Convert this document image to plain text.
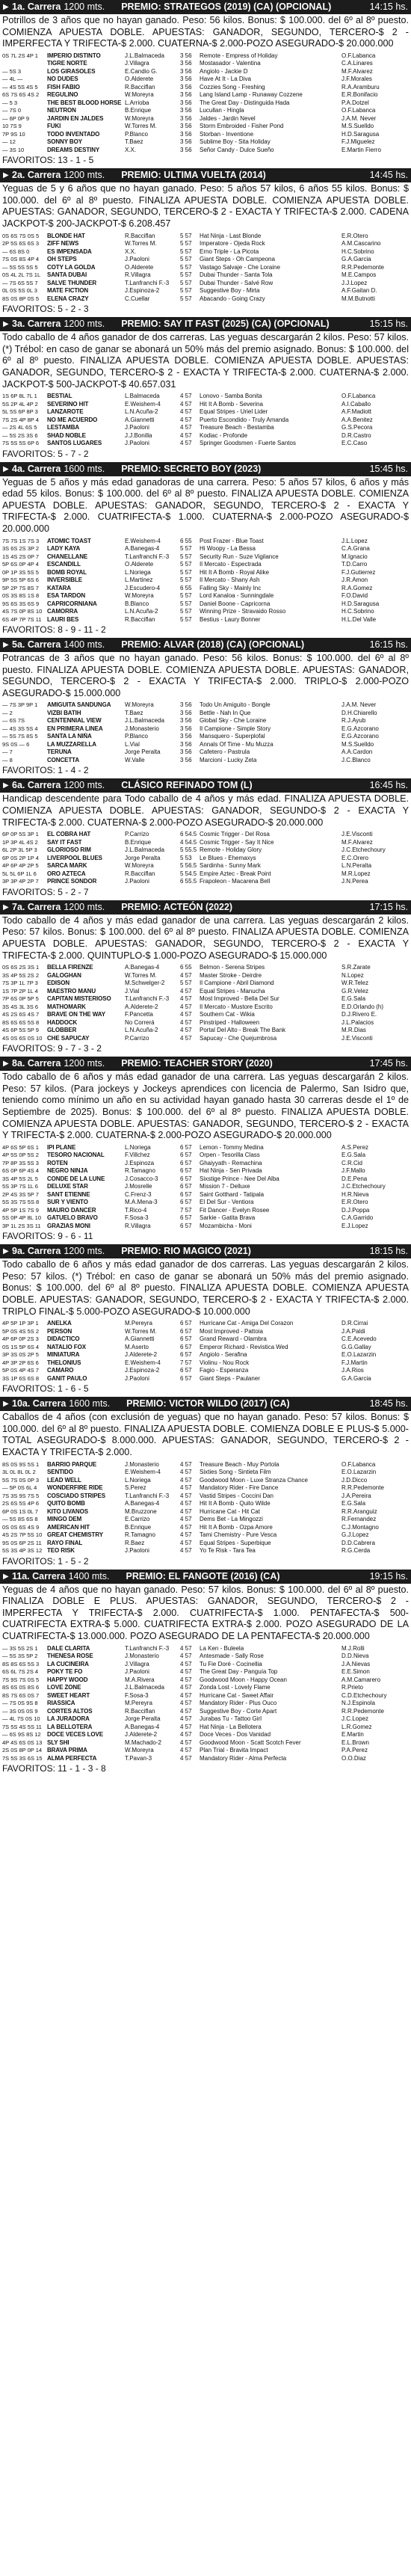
▶ 1a. Carrera 1200 mts. PREMIO: STRATEGOS (2019) (CA) (OPCIONAL)	14:15 hs.
Potrillos de 3 años que no hayan ganado. Peso: 56 kilos. Bonus: $ 100.000. del 6º al 8º puesto. COMIENZA APUESTA DOBLE. APUESTAS: GANADOR, SEGUNDO, TERCERO-$ 2 - IMPERFECTA Y TRIFECTA-$ 2.000. CUATERNA-$ 2.000-POZO ASEGURADO-$ 20.000.000
0S 7L 2S 4P 1	IMPERIO DISTINTO	J.L.Balmaceda	3 56	Remote - Empress of Holiday	O.F.Labanca
TIGRE NORTE	J.Villagra	3 56	Mostasador - Valentina	C.A.Linares
— 5S 3	LOS GIRASOLES	E.Candio G.	3 56	Angiolo - Jackie D	M.F.Alvarez
— 4L —	NO DUDES	O.Alderete	3 56	Have At It - La Diva	J.F.Morales
— 4S 5S 4S 5	FISH FABIO	R.Bacciflan	3 56	Cozzies Song - Freshing	R.A.Aramburu
6S 7S 6S 4S 2	REGULINO	W.Moreyra	3 56	Lang Island Lamp - Runaway Cozzene	E.R.Bonifacio
— 5 3	THE BEST BLOOD HORSE L.Arrioba	3 56	The Great Day - Distinguida Hada	P.A.Dotzel
— 7S 0	NEUTRON	B.Enrique	3 56	Lucullan - Hingla	O.F.Labanca
— 6P 0P 9	JARDIN EN JALDES	W.Moreyra	3 56	Jaldes - Jardin Nevel	J.A.M. Never
10 7S 9	FUKI	W.Torres M.	3 56	Storm Embroided - Fisher Pond	M.S.Suelldo
7P 9S 10	TODO INVENTADO	P.Blanco	3 56	Storban - Inventione	H.D.Saragusa
— 12	SONNY BOY	T.Baez	3 56	Sublime Boy - Sita Holiday	F.J.Miguelez
— 3S 10	DREAMS DESTINY	X.X.	3 56	Señor Candy - Dulce Sueño	E.Martin Fierro
FAVORITOS: 13 - 1 - 5
▶ 2a. Carrera 1200 mts. PREMIO: ULTIMA VUELTA (2014)	14:45 hs.
Yeguas de 5 y 6 años que no hayan ganado. Peso: 5 años 57 kilos, 6 años 55 kilos. Bonus: $ 100.000. del 6º al 8º puesto. FINALIZA APUESTA DOBLE. COMIENZA APUESTA DOBLE. APUESTAS: GANADOR, SEGUNDO, TERCERO-$ 2 - EXACTA Y TRIFECTA-$ 2.000. CADENA JACKPOT-$ 200-JACKPOT-$ 6.208.457
0S 6S 7S 0S 5	BLONDE HAT	R.Bacciflan	5 57	Hat Ninja - Last Blonde	E.R.Otero
2P 5S 6S 6S 3	ZIFF NEWS	W.Torres M.	5 57	Imperatore - Ojeda Rock	A.M.Cascarino
— 6S 8S 0	ES IMPENSADA	X.X.	5 57	Erno Triple - La Picota	H.C.Sobrino
7S 0S 8S 4P 4	OH STEPS	J.Paoloni	5 57	Giant Steps - Oh Campeona	G.A.Garcia
— 5S 5S 5S 5	COTY LA GOLDA	O.Alderete	5 57	Vastago Salvaje - Che Loraine	R.R.Pedemonte
0S 4L 2L 7S 1L	SANTA DUBAI	R.Villagra	5 57	Dubai Thunder - Santa Tola	M.E.Campos
— 7S 6S 5S 7	SALVE THUNDER	T.Lanfranchi F.-3	5 57	Dubai Thunder - Salvé Row	J.J.Lopez
0L 0S 5S 0L 3	MATE FICTION	J.Espinoza-2	5 57	Suggestive Boy - Mirta	A.F.Gaitan D.
8S 0S 8P 0S 5	ELENA CRAZY	C.Cuellar	5 57	Abacando - Going Crazy	M.M.Butnotti
FAVORITOS: 5 - 2 - 3
▶ 3a. Carrera 1200 mts. PREMIO: SAY IT FAST (2025) (CA) (OPCIONAL)	15:15 hs.
Todo caballo de 4 años ganador de dos carreras. Las yeguas descargarán 2 kilos. Peso: 57 kilos. (*) Trébol: en caso de ganar se abonará un 50% más del premio asignado. Bonus: $ 100.000. del 6º al 8º puesto. FINALIZA APUESTA DOBLE. COMIENZA APUESTA DOBLE. APUESTAS: GANADOR, SEGUNDO, TERCERO-$ 2 - EXACTA Y TRIFECTA-$ 2.000. CUATERNA-$ 2.000. JACKPOT-$ 500-JACKPOT-$ 40.657.031
1S 6P 8L 7L 1	BESTIAL	L.Balmaceda	4 57	Lonovo - Samba Bonita	O.F.Labanca
5S 2P 4L 4P 2	SEVERINO HIT	E.Weishem-4	4 57	Hit It A Bomb - Severina	A.I.Caballo
5L 5S 6P 8P 3	LANZAROTE	L.N.Acuña-2	4 57	Equal Stripes - Uriel Lider	A.F.Madiott
7S 2S 4P 8P 4	NO ME ACUERDO	A.Giannetti	4 57	Puerto Escondido - Truly Amanda	A.A.Benitez
— 2S 4L 6S 5	LESTAMBA	J.Paoloni	4 57	Treasure Beach - Bestamba	G.S.Pecora
— 5S 2S 3S 6	SHAD NOBLE	J.J.Bonilla	4 57	Kodiac - Profonde	D.R.Castro
7S 5S 5S 6P 6	SANTOS LUGARES	J.Paoloni	4 57	Springer Goodsmen - Fuerte Santos	E.C.Caso
FAVORITOS: 5 - 7 - 2
▶ 4a. Carrera 1600 mts. PREMIO: SECRETO BOY (2023)	15:45 hs.
Yeguas de 5 años y más edad ganadoras de una carrera. Peso: 5 años 57 kilos, 6 años y más edad 55 kilos. Bonus: $ 100.000. del 6º al 8º puesto. FINALIZA APUESTA DOBLE. COMIENZA APUESTA DOBLE. APUESTAS: GANADOR, SEGUNDO, TERCERO-$ 2 - EXACTA Y TRIFECTA-$ 2.000. CUATRIFECTA-$ 1.000. CUATERNA-$ 2.000-POZO ASEGURADO-$ 20.000.000
7S 7S 1S 7S 3	ATOMIC TOAST	E.Weishem-4	6 55	Post Frazer - Blue Toast	J.L.Lopez
3S 6S 2S 3P 2	LADY KAYA	A.Banegas-4	5 57	Hi Woopy - La Bessa	C.A.Grana
1S 4S 2S 0P 7	CHANELLANE	T.Lanfranchi F.-3	5 57	Security Run - Suze Vigilance	M.Ignacio
5P 6S 0P 4P 4	ESCANDILL	O.Alderete	5 57	Il Mercato - Espectrada	T.D.Carro
0P 1P 3S 5S 5	BOMB ROYAL	L.Noriega	5 57	Hit It A Bomb - Royal Alike	F.J.Gutierrez
9P 5S 5P 6S 6	INVERSIBLE	L.Martinez	5 57	Il Mercato - Shany Ash	J.R.Amon
5P 2P 7S 8S 7	KATARA	J.Escudero-4	6 55	Falling Sky - Mainly Inc	R.A.Gomez
0S 3S 8S 1S 8	ESA TARDON	W.Moreyra	5 57	Lord Kanaloa - Sunningdale	F.O.David
9S 6S 3S 6S 9	CAPRICORNIANA	B.Blanco	5 57	Daniel Boone - Capricorna	H.D.Saragusa
4S 7S 0P 8S 10 CAMORRA	L.N.Acuña-2	5 57	Winning Prize - Stravaido Rosso	H.C.Sobrino
6S 4P 7P 7S 11 LAURI BES	R.Bacciflan	5 57	Bestius - Laury Bonner	H.L.Del Valle
FAVORITOS: 8 - 9 - 11 - 2
▶ 5a. Carrera 1400 mts. PREMIO: ALVAR (2018) (CA) (OPCIONAL)	16:15 hs.
Potrancas de 3 años que no hayan ganado. Peso: 56 kilos. Bonus: $ 100.000. del 6º al 8º puesto. FINALIZA APUESTA DOBLE. COMIENZA APUESTA DOBLE. APUESTAS: GANADOR, SEGUNDO, TERCERO-$ 2 - EXACTA Y TRIFECTA-$ 2.000. TRIPLO-$ 2.000-POZO ASEGURADO-$ 15.000.000
— 7S 3P 9P 1	AMIGUITA SANDUNGA	W.Moreyra	3 56	Todo Un Amiguito - Bongle	J.A.M. Never
— 2	VIZBI BATIH	T.Baez	3 56	Bettle - Nah In Que	D.H.Chiarello
— 6S 7S	CENTENNIAL VIEW	J.L.Balmaceda	3 56	Global Sky - Che Loraine	R.J.Ayub
— 4S 3S 5S 4	EN PRIMERA LINEA	J.Monasterio	3 56	Il Campione - Simple Story	E.G.Azcorano
— 5S 7S 8S 5	SANTA LA NIÑA	P.Blanco	3 56	Mansquero - Superplofal	E.G.Azcorano
9S 0S — 6	LA MUZZARELLA	L.Vial	3 56	Annals Of Time - Mu Muzza	M.S.Suelldo
— 7	TERUNA	Jorge Peralta	3 56	Cafetero - Pastrula	A.A.Cardon
— 8	CONCETTA	W.Valle	3 56	Marcioni - Lucky Zeta	J.C.Blanco
FAVORITOS: 1 - 4 - 2
▶ 6a. Carrera 1200 mts. CLÁSICO REFINADO TOM (L)	16:45 hs.
Handicap descendente para Todo caballo de 4 años y más edad. FINALIZA APUESTA DOBLE. COMIENZA APUESTA DOBLE. APUESTAS: GANADOR, SEGUNDO-$ 2 - EXACTA Y TRIFECTA-$ 2.000. CUATERNA-$ 2.000-POZO ASEGURADO-$ 20.000.000
6P 0P 5S 3P 1	EL COBRA HAT	P.Carrizo	6 54.5 Cosmic Trigger - Del Rosa	J.E.Visconti
1P 3P 4L 4S 2	SAY IT FAST	B.Enrique	4 54.5 Cosmic Trigger - Say It Nice	M.F.Alvarez
6L 2P 3L 5P 3	GLORIOSO RIM	J.L.Balmaceda	5 55.5 Remote - Holiday Glory	J.C.Etchechoury
6P 0S 2P 1P 4	LIVERPOOL BLUES	Jorge Peralta	5 53	Le Blues - Ehemaxys	E.C.Orero
4P 6P 4P 2P 5	SARCA MARK	W.Moreyra	5 56.5 Sardinha - Sunny Mark	L.N.Peralta
5L 5L 6P 1L 6	ORO AZTECA	R.Bacciflan	5 54.5 Empire Aztec - Break Point	M.R.Lopez
3P 3P 4P 2P 7	PRINCE SONDOR	J.Paoloni	6 55.5 Frapoleon - Macarena Bell	J.N.Perea
FAVORITOS: 5 - 2 - 7
▶ 7a. Carrera 1200 mts. PREMIO: ACTEÓN (2022)	17:15 hs.
Todo caballo de 4 años y más edad ganador de una carrera. Las yeguas descargarán 2 kilos. Peso: 57 kilos. Bonus: $ 100.000. del 6º al 8º puesto. FINALIZA APUESTA DOBLE. COMIENZA APUESTA DOBLE. APUESTAS: GANADOR, SEGUNDO, TERCERO-$ 2 - EXACTA Y TRIFECTA-$ 2.000. QUINTUPLO-$ 1.000-POZO ASEGURADO-$ 15.000.000
0S 6S 2S 3S 1	BELLA FIRENZE	A.Banegas-4	6 55	Belmon - Serena Stripes	S.R.Zarate
3S 4P 5S 2S 2	GALOGHAN	W.Torres M.	4 57	Master Stroke - Deirdre	N.Lopez
7S 3P 1L 7P 3	EDISON	M.Schwelger-2	5 57	Il Campione - Abril Diamond	W.R.Telez
1S 7P 2P 1L 4	MAESTRO MANU	J.Vial	4 57	Equal Stripes - Manucha	G.R.Velez
7P 6S 0P 5P 5	CAPITAN MISTERIOSO	T.Lanfranchi F.-3	4 57	Most Improved - Bella Del Sur	E.G.Sala
3S 4S 3L 3S 6	MATHOMARK	A.Alderete-2	4 57	Il Mercato - Mustore Escrito	E.D.Orlando (h)
4S 2S 6S 4S 7	BRAVE ON THE WAY	F.Pancetta	4 57	Southern Cat - Wikia	D.J.Rivero E.
8S 6S 6S 5S 8	HADDOCK	No Correrá	4 57	Pinstriped - Halloween	J.L.Palacios
4S 6P 5S 5P 9	GLOBBER	L.N.Acuña-2	4 57	Portal Del Alto - Break The Bank	M.R.Dias
4S 0S 6S 0S 10 CHE SAPUCAY	P.Carrizo	4 57	Sapucay - Che Quejumbrosa	J.E.Visconti
FAVORITOS: 9 - 7 - 3 - 2
▶ 8a. Carrera 1200 mts. PREMIO: TEACHER STORY (2020)	17:45 hs.
Todo caballo de 6 años y más edad ganador de una carrera. Las yeguas descargarán 2 kilos. Peso: 57 kilos. (Para jockeys y Jockeys aprendices con licencia de Palermo, San Isidro que, teniendo como mínimo un año en su actividad hayan ganado hasta 30 carreras desde el 1º de Septiembre de 2025). Bonus: $ 100.000. del 6º al 8º puesto. FINALIZA APUESTA DOBLE. COMIENZA APUESTA DOBLE. APUESTAS: GANADOR, SEGUNDO, TERCERO-$ 2 - EXACTA Y TRIFECTA-$ 2.000. CUATERNA-$ 2.000-POZO ASEGURADO-$ 20.000.000
4P 6S 5P 6S 1	IPI PLANE	L.Noriega	6 57	Lemon - Tommy Medina	A.S.Perez
4P 5S 0P 5S 2	TESORO NACIONAL	F.Villchez	6 57	Orpen - Tesorilla Class	E.G.Sala
7P 8P 3S 5S 3	ROTEN	J.Espinoza	6 57	Ghaiyyath - Remachina	C.R.Cid
6S 0P 6P 4S 4	NEGRO NINJA	R.Tamagno	6 57	Hat Ninja - Sen Privada	J.F.Mallo
3S 4P 5S 2L 5	CONDE DE LA LUNE	J.Cosacco-3	6 57	Sixstige Prince - Nee Del Alba	D.E.Pena
5S 3P 7S 1L 6	DELUXE STAR	J.Mosrelle	6 57	Mission 7 - Delluxe	J.C.Etchechoury
2P 4S 3S 5P 7	SANT ETIENNE	C.Frenz-3	6 57	Saint Gotthard - Tatipala	H.R.Nieva
5S 3S 7S 5S 8	SUR Y VIENTO	M.A.Mena-3	6 57	El Del Sur - Ventiora	E.R.Otero
4P 5P 1S 7S 9	MAURO DANCER	T.Rico-4	7 57	Fit Dancer - Evelyn Rosee	D.J.Poppa
5S 0P 4P 8L 10	GATUELO BRAVO	F.Sosa-3	6 57	Sarkie - Gatita Brava	C.A.Garrido
3P 1L 2S 3S 11	GRAZIAS MONI	R.Villagra	6 57	Mozambicha - Moni	E.J.Lopez
FAVORITOS: 9 - 6 - 11
▶ 9a. Carrera 1200 mts. PREMIO: RIO MAGICO (2021)	18:15 hs.
Todo caballo de 6 años y más edad ganador de dos carreras. Las yeguas descargarán 2 kilos. Peso: 57 kilos. (*) Trébol: en caso de ganar se abonará un 50% más del premio asignado. Bonus: $ 100.000. del 6º al 8º puesto. FINALIZA APUESTA DOBLE. COMIENZA APUESTA DOBLE. APUESTAS: GANADOR, SEGUNDO, TERCERO-$ 2 - EXACTA Y TRIFECTA-$ 2.000. TRIPLO FINAL-$ 5.000-POZO ASEGURADO-$ 10.000.000
4P 5P 1P 3P 1	ANELKA	M.Pereyra	6 57	Hurricane Cat - Amiga Del Corazon	D.R.Cirrai
5P 0S 4S 5S 2	PERSON	W.Torres M.	6 57	Most Improved - Pattoia	J.A.Paldi
4P 6P 0P 2S 3	DIDACTICO	A.Giannetti	6 57	Grand Reward - Olambra	C.E.Acevedo
0S 1S 5P 6S 4	NATALIO FOX	M.Aserto	6 57	Emperor Richard - Revistica Wed	G.G.Gallay
3P 3S 0S 2P 5	MINIATURA	J.Alderete-2	6 57	Angiolo - Serafina	E.O.Lazarzin
4P 3P 2P 6S 6	THELONIUS	E.Weishem-4	7 57	Violinu - Nou Rock	F.J.Martin
5P 0S 4P 4S 7	CAMARO	J.Espinoza-2	6 57	Fagio - Esperanza	J.A.Rios
3S 1P 6S 6S 8	GANIT PAULO	J.Paoloni	6 57	Giant Steps - Paulaner	G.A.Garcia
FAVORITOS: 1 - 6 - 5
▶ 10a. Carrera 1600 mts. PREMIO: VICTOR WILDO (2017) (CA)	18:45 hs.
Caballos de 4 años (con exclusión de yeguas) que no hayan ganado. Peso: 57 kilos. Bonus: $ 100.000. del 6º al 8º puesto. FINALIZA APUESTA DOBLE. COMIENZA DOBLE E PLUS-$ 5.000-TOTAL ASEGURADO-$ 8.000.000. APUESTAS: GANADOR, SEGUNDO, TERCERO-$ 2 - EXACTA Y TRIFECTA-$ 2.000.
8S 0S 9S 5S 1	BARRIO PARQUE	J.Monasterio	4 57	Treasure Beach - Muy Portola	O.F.Labanca
3L 0L 8L 0L 2	SENTIDO	E.Weishem-4	4 57	Sixties Song - Sintieta Film	E.O.Lazarzin
5S 7S 0S 0P 3	LEAD WELL	L.Noriega	4 57	Goodwood Moon - Luxe Stranza Chance	J.D.Dicco
— 5P 0S 6L 4	WONDERFIRE RIDE	S.Perez	4 57	Mandatory Rider - Fire Dance	R.R.Pedemonte
7S 3S 9S 7S 5	COSCIADO STRIPES	T.Lanfranchi F.-3	4 57	Vastid Stripes - Coccini Dan	J.A.Pereira
2S 6S 5S 4P 6	QUITO BOMB	A.Banegas-4	4 57	Hit It A Bomb - Quito Wilde	E.G.Sala
6P 0S 1S 0L 7	KITO LIVANOS	M.Bruzzone	4 57	Hurricane Cat - Hit Cat	R.R.Aranguiz
— 5S 8S 6S 8	MINGO DEM	E.Carrizo	4 57	Dems Bet - La Mingozzi	R.Fernandez
0S 0S 6S 4S 9	AMERICAN HIT	B.Enrique	4 57	Hit It A Bomb - Ozpa Amore	C.J.Montagno
4S 2S 7P 5S 10 GREAT CHEMISTRY	R.Tamagno	4 57	Tami Chemistry - Pure Vesca	G.J.Lopez
9S 0S 6P 2S 11 RAYO FINAL	R.Baez	4 57	Equal Stripes - Superbique	D.D.Cabrera
5S 3S 4P 3S 12 TEO RISK	J.Paoloni	4 57	Yo Te Risk - Tara Tea	R.G.Cerda
FAVORITOS: 1 - 5 - 2
▶ 11a. Carrera 1400 mts. PREMIO: EL FANGOTE (2016) (CA)	19:15 hs.
Yeguas de 4 años que no hayan ganado. Peso: 57 kilos. Bonus: $ 100.000. del 6º al 8º puesto. FINALIZA DOBLE E PLUS. APUESTAS: GANADOR, SEGUNDO, TERCERO-$ 2 - IMPERFECTA Y TRIFECTA-$ 2.000. CUATRIFECTA-$ 1.000. PENTAFECTA-$ 500-CUATRIFECTA EXTRA-$ 5.000. CUATRIFECTA EXTRA-$ 2.000. POZO ASEGURADO DE LA CUATRIFECTA-$ 13.000.000. POZO ASEGURADO DE LA PENTAFECTA-$ 20.000.000
— 3S 5S 2S 1	DALE CLARITA	T.Lanfranchi F.-3	4 57	La Ken - Buleela	M.J.Rolli
— 5S 3S 5P 2	THENESA ROSE	J.Monasterio	4 57	Antesmade - Sally Rose	D.D.Nieva
8S 8S 6S 5S 3	LA CUCINEIRA	J.Villagra	4 57	Tu Fie Doré - Cocinellia	J.A.Nievas
6S 6L 7S 2S 4	POKY TE FO	J.Paoloni	4 57	The Great Day - Panguía Top	E.E.Simon
7S 9S 7S 0S 5	HAPPY WOOD	M.A.Rivera	4 57	Goodwood Moon - Happy Ocean	A.M.Camarero
8S 6S 0S 8S 6	LOVE ZONE	J.L.Balmaceda	4 57	Zonda Lost - Lovely Flame	R.Prieto
8S 7S 6S 0S 7	SWEET HEART	F.Sosa-3	4 57	Hurricane Cat - Sweet Affair	C.D.Etchechoury
— 7S 0S 9S 8	RIASSICA	M.Pereyra	4 57	Mandatory Rider - Plus Ouco	N.J.Espinola
— 3S 0S 0S 9	CORTES ALTOS	R.Bacciflan	4 57	Suggestive Boy - Corte Apart	R.R.Pedemonte
— 4L 7S 0S 10	LA JURADORA	Jorge Peralta	4 57	Jurabas Tu - Tattoo Girl	J.C.Lopez
7S 5S 4S 5S 11 LA BELLOTERA	A.Banegas-4	4 57	Hat Ninja - La Bellotera	L.R.Gomez
— 6S 9S 8S 12	DOCE VECES LOVE	J.Alderete-2	4 57	Doce Veces - Dos Vanidad	E.Martin
4P 4S 6S 0S 13 SLY SHI	M.Machado-2	4 57	Goodwood Moon - Scatt Scotch Fever	E.L.Brown
2S 0S 8P 0P 14 BRAVA PRIMA	W.Moreyra	4 57	Plan Trial - Bravita Impact	P.A.Perez
7S 5S 3S 6S 15 ALMA PERFECTA	T.Pavan-3	4 57	Mandatory Rider - Alma Perfecta	O.O.Diaz
FAVORITOS: 11 - 1 - 3 - 8
